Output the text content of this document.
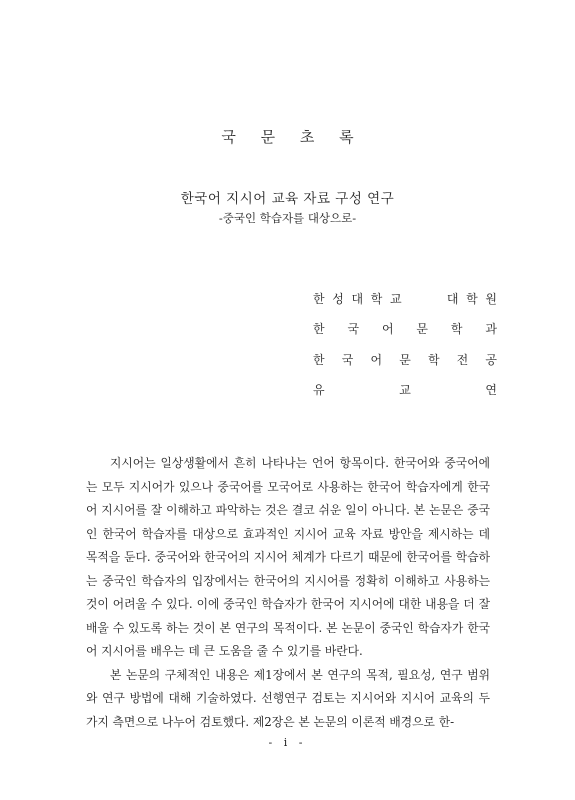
국 문 초 록
한국어 지시어 교육 자료 구성 연구
-중국인 학습자를 대상으로-
한 성 대 학 교	대 학 원
한 국 어 문 학 과
한 국 어 문 학 전 공
유	교	연

지시어는 일상생활에서 흔히 나타나는 언어 항목이다. 한국어와 중국어에는 모두 지시어가 있으나 중국어를 모국어로 사용하는 한국어 학습자에게 한국어 지시어를 잘 이해하고 파악하는 것은 결코 쉬운 일이 아니다. 본 논문은 중국인 한국어 학습자를 대상으로 효과적인 지시어 교육 자료 방안을 제시하는 데 목적을 둔다. 중국어와 한국어의 지시어 체계가 다르기 때문에 한국어를 학습하는 중국인 학습자의 입장에서는 한국어의 지시어를 정확히 이해하고 사용하는 것이 어려울 수 있다. 이에 중국인 학습자가 한국어 지시어에 대한 내용을 더 잘 배울 수 있도록 하는 것이 본 연구의 목적이다. 본 논문이 중국인 학습자가 한국어 지시어를 배우는 데 큰 도움을 줄 수 있기를 바란다.

본 논문의 구체적인 내용은 제1장에서 본 연구의 목적, 필요성, 연구 범위와 연구 방법에 대해 기술하였다. 선행연구 검토는 지시어와 지시어 교육의 두 가지 측면으로 나누어 검토했다. 제2장은 본 논문의 이론적 배경으로 한-

- i -
